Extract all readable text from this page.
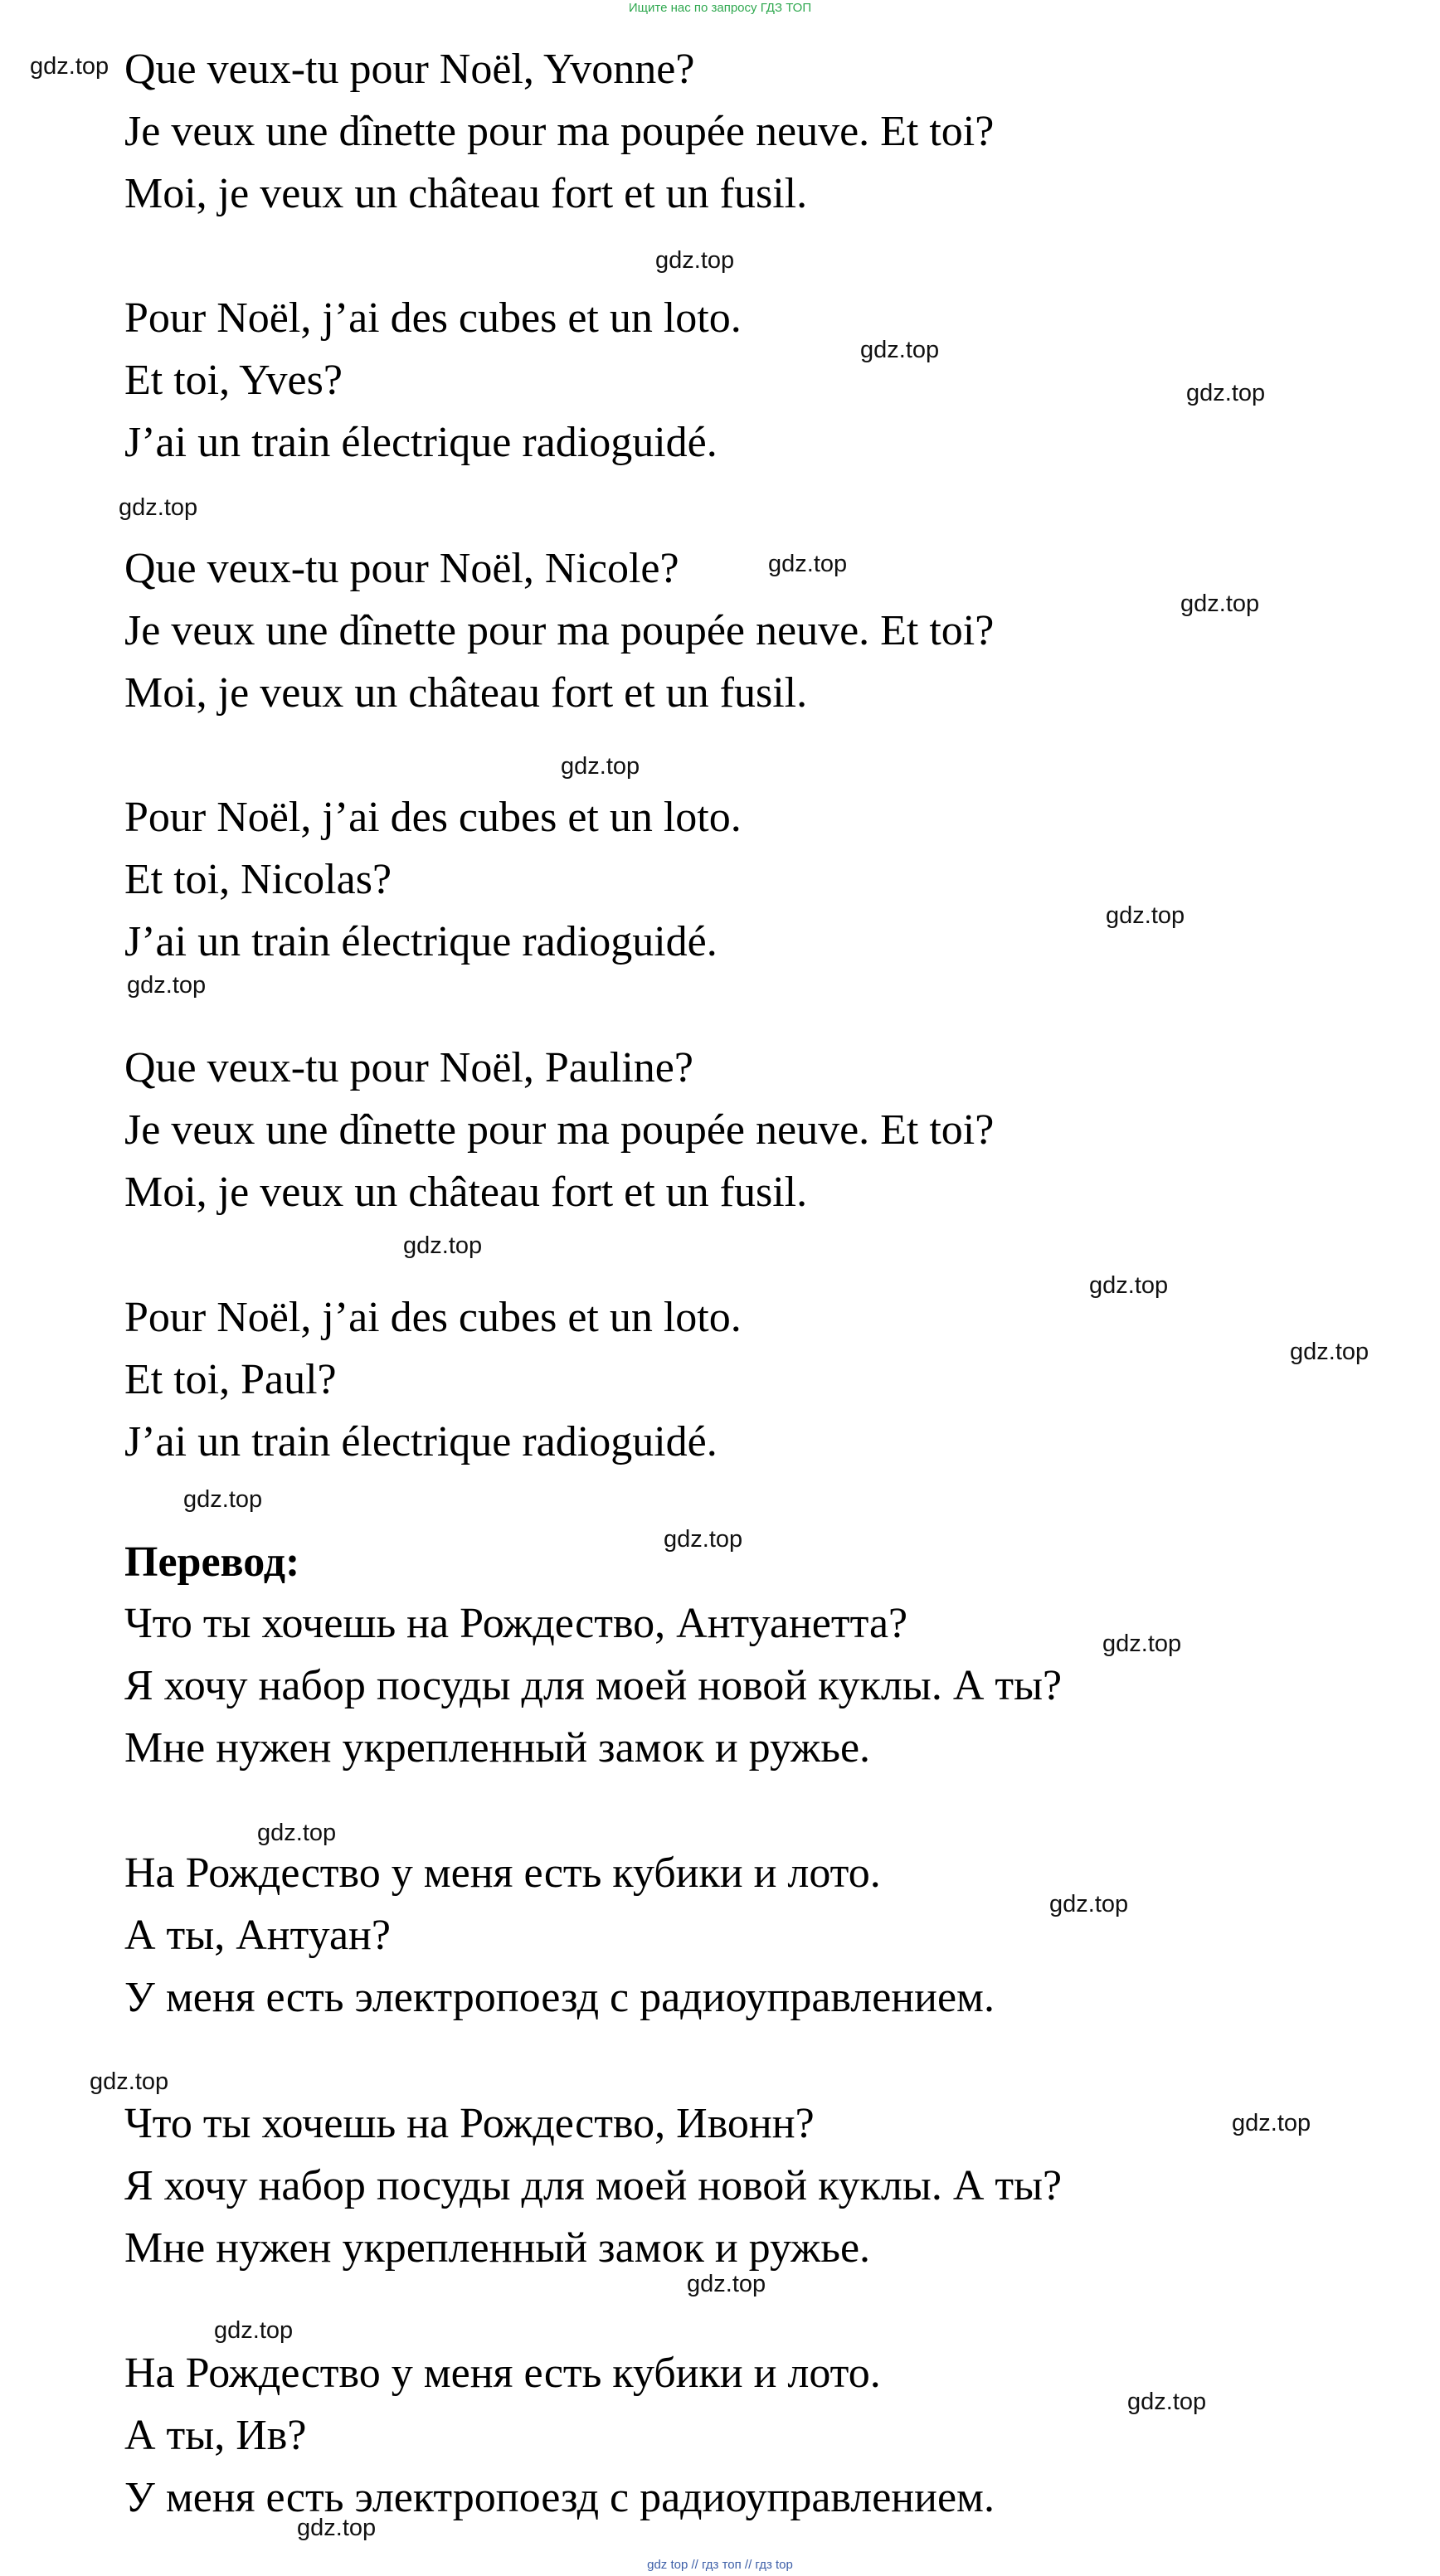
Ищите нас по запросу ГДЗ ТОП
Que veux-tu pour Noël, Yvonne?
Je veux une dînette pour ma poupée neuve. Et toi?
Moi, je veux un château fort et un fusil.
Pour Noël, j’ai des cubes et un loto.
Et toi, Yves?
J’ai un train électrique radioguidé.
Que veux-tu pour Noël, Nicole?
Je veux une dînette pour ma poupée neuve. Et toi?
Moi, je veux un château fort et un fusil.
Pour Noël, j’ai des cubes et un loto.
Et toi, Nicolas?
J’ai un train électrique radioguidé.
Que veux-tu pour Noël, Pauline?
Je veux une dînette pour ma poupée neuve. Et toi?
Moi, je veux un château fort et un fusil.
Pour Noël, j’ai des cubes et un loto.
Et toi, Paul?
J’ai un train électrique radioguidé.
Перевод:
Что ты хочешь на Рождество, Антуанетта?
Я хочу набор посуды для моей новой куклы. А ты?
Мне нужен укрепленный замок и ружье.
На Рождество у меня есть кубики и лото.
А ты, Антуан?
У меня есть электропоезд с радиоуправлением.
Что ты хочешь на Рождество, Ивонн?
Я хочу набор посуды для моей новой куклы. А ты?
Мне нужен укрепленный замок и ружье.
На Рождество у меня есть кубики и лото.
А ты, Ив?
У меня есть электропоезд с радиоуправлением.
gdz.top
gdz.top
gdz.top
gdz.top
gdz.top
gdz.top
gdz.top
gdz.top
gdz.top
gdz.top
gdz.top
gdz.top
gdz.top
gdz.top
gdz.top
gdz.top
gdz.top
gdz.top
gdz.top
gdz.top
gdz.top
gdz.top
gdz.top
gdz.top
gdz top // гдз топ // гдз top
